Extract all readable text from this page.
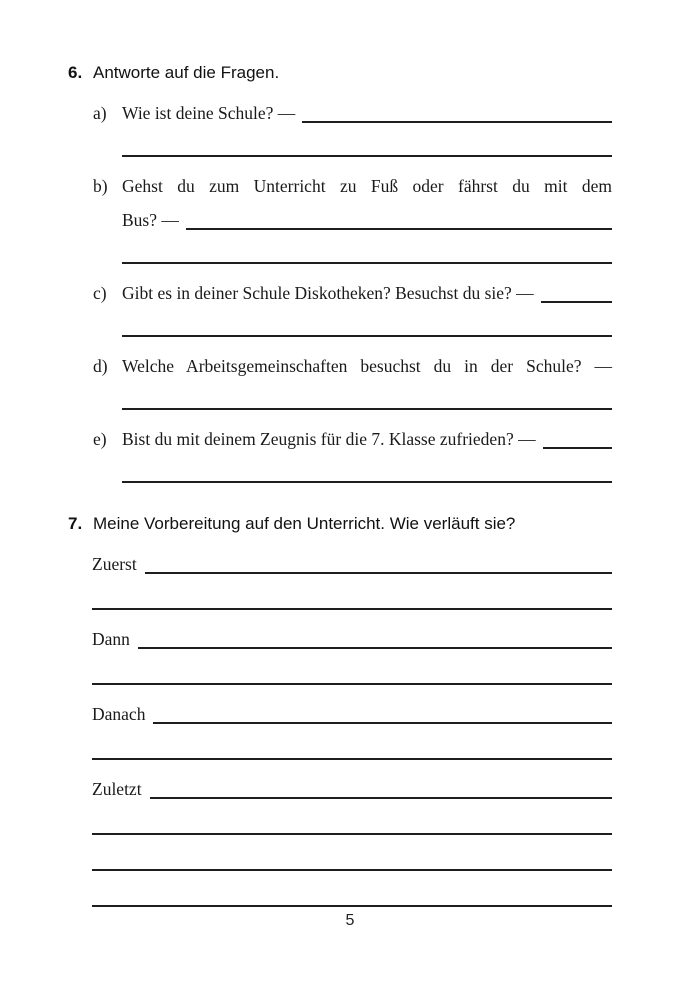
6. Antworte auf die Fragen.
a) Wie ist deine Schule? —
b) Gehst du zum Unterricht zu Fuß oder fährst du mit dem
Bus? —
c) Gibt es in deiner Schule Diskotheken? Besuchst du sie? —
d) Welche Arbeitsgemeinschaften besuchst du in der Schule? —
e) Bist du mit deinem Zeugnis für die 7. Klasse zufrieden? —
7. Meine Vorbereitung auf den Unterricht. Wie verläuft sie?
Zuerst
Dann
Danach
Zuletzt
5
